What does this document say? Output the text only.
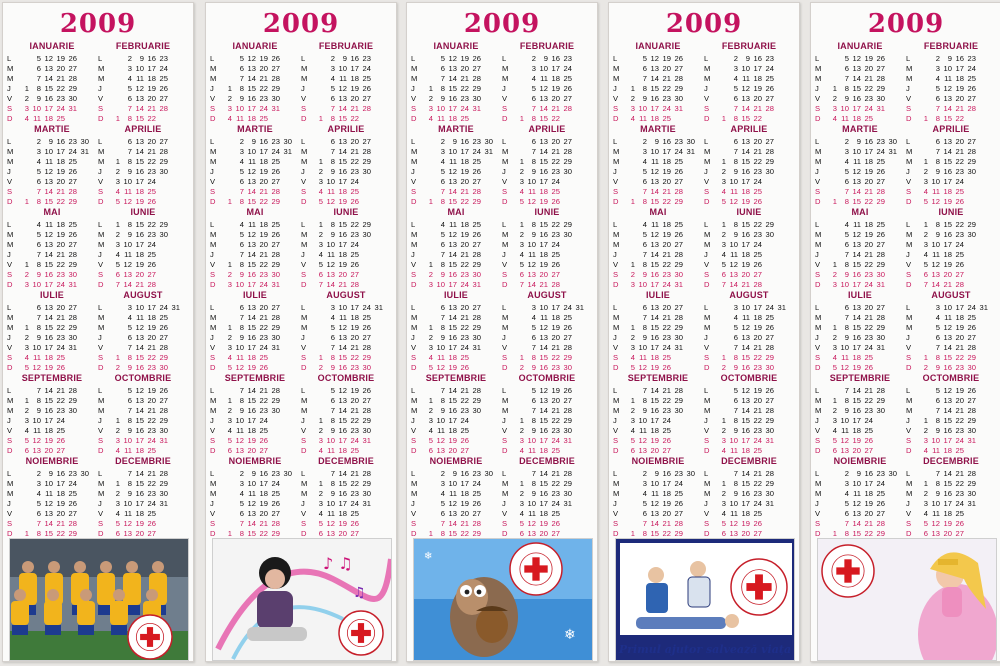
2009
IANUARIE
L	5 12 19 26
M	6 13 20 27
M	7 14 21 28
J	1	8 15 22 29
V	2	9 16 23 30
S	3 10 17 24 31
D	4 11 18 25
FEBRUARIE
L	2	9 16 23
M	3 10 17 24
M	4 11 18 25
J	5 12 19 26
V	6 13 20 27
S	7 14 21 28
D	1	8 15 22
MARTIE
L	2	9 16 23 30
M	3 10 17 24 31
M	4 11 18 25
J	5 12 19 26
V	6 13 20 27
S	7 14 21 28
D	1	8 15 22 29
APRILIE
L	6 13 20 27
M	7 14 21 28
M	1	8 15 22 29
J	2	9 16 23 30
V	3 10 17 24
S	4 11 18 25
D	5 12 19 26
MAI
L	4 11 18 25
M	5 12 19 26
M	6 13 20 27
J	7 14 21 28
V	1	8 15 22 29
S	2	9 16 23 30
D	3 10 17 24 31
IUNIE
L	1	8 15 22 29
M	2	9 16 23 30
M	3 10 17 24
J	4 11 18 25
V	5 12 19 26
S	6 13 20 27
D	7 14 21 28
IULIE
L	6 13 20 27
M	7 14 21 28
M	1	8 15 22 29
J	2	9 16 23 30
V	3 10 17 24 31
S	4 11 18 25
D	5 12 19 26
AUGUST
L	3 10 17 24 31
M	4 11 18 25
M	5 12 19 26
J	6 13 20 27
V	7 14 21 28
S	1	8 15 22 29
D	2	9 16 23 30
SEPTEMBRIE
L	7 14 21 28
M	1	8 15 22 29
M	2	9 16 23 30
J	3 10 17 24
V	4 11 18 25
S	5 12 19 26
D	6 13 20 27
OCTOMBRIE
L	5 12 19 26
M	6 13 20 27
M	7 14 21 28
J	1	8 15 22 29
V	2	9 16 23 30
S	3 10 17 24 31
D	4 11 18 25
NOIEMBRIE
L	2	9 16 23 30
M	3 10 17 24
M	4 11 18 25
J	5 12 19 26
V	6 13 20 27
S	7 14 21 28
D	1	8 15 22 29
DECEMBRIE
L	7 14 21 28
M	1	8 15 22 29
M	2	9 16 23 30
J	3 10 17 24 31
V	4 11 18 25
S	5 12 19 26
D	6 13 20 27
2009
IANUARIE
L	5 12 19 26
M	6 13 20 27
M	7 14 21 28
J	1	8 15 22 29
V	2	9 16 23 30
S	3 10 17 24 31
D	4 11 18 25
FEBRUARIE
L	2	9 16 23
M	3 10 17 24
M	4 11 18 25
J	5 12 19 26
V	6 13 20 27
S	7 14 21 28
D	1	8 15 22
MARTIE
L	2	9 16 23 30
M	3 10 17 24 31
M	4 11 18 25
J	5 12 19 26
V	6 13 20 27
S	7 14 21 28
D	1	8 15 22 29
APRILIE
L	6 13 20 27
M	7 14 21 28
M	1	8 15 22 29
J	2	9 16 23 30
V	3 10 17 24
S	4 11 18 25
D	5 12 19 26
MAI
L	4 11 18 25
M	5 12 19 26
M	6 13 20 27
J	7 14 21 28
V	1	8 15 22 29
S	2	9 16 23 30
D	3 10 17 24 31
IUNIE
L	1	8 15 22 29
M	2	9 16 23 30
M	3 10 17 24
J	4 11 18 25
V	5 12 19 26
S	6 13 20 27
D	7 14 21 28
IULIE
L	6 13 20 27
M	7 14 21 28
M	1	8 15 22 29
J	2	9 16 23 30
V	3 10 17 24 31
S	4 11 18 25
D	5 12 19 26
AUGUST
L	3 10 17 24 31
M	4 11 18 25
M	5 12 19 26
J	6 13 20 27
V	7 14 21 28
S	1	8 15 22 29
D	2	9 16 23 30
SEPTEMBRIE
L	7 14 21 28
M	1	8 15 22 29
M	2	9 16 23 30
J	3 10 17 24
V	4 11 18 25
S	5 12 19 26
D	6 13 20 27
OCTOMBRIE
L	5 12 19 26
M	6 13 20 27
M	7 14 21 28
J	1	8 15 22 29
V	2	9 16 23 30
S	3 10 17 24 31
D	4 11 18 25
NOIEMBRIE
L	2	9 16 23 30
M	3 10 17 24
M	4 11 18 25
J	5 12 19 26
V	6 13 20 27
S	7 14 21 28
D	1	8 15 22 29
DECEMBRIE
L	7 14 21 28
M	1	8 15 22 29
M	2	9 16 23 30
J	3 10 17 24 31
V	4 11 18 25
S	5 12 19 26
D	6 13 20 27
♪ ♫
♫
2009
IANUARIE
L	5 12 19 26
M	6 13 20 27
M	7 14 21 28
J	1	8 15 22 29
V	2	9 16 23 30
S	3 10 17 24 31
D	4 11 18 25
FEBRUARIE
L	2	9 16 23
M	3 10 17 24
M	4 11 18 25
J	5 12 19 26
V	6 13 20 27
S	7 14 21 28
D	1	8 15 22
MARTIE
L	2	9 16 23 30
M	3 10 17 24 31
M	4 11 18 25
J	5 12 19 26
V	6 13 20 27
S	7 14 21 28
D	1	8 15 22 29
APRILIE
L	6 13 20 27
M	7 14 21 28
M	1	8 15 22 29
J	2	9 16 23 30
V	3 10 17 24
S	4 11 18 25
D	5 12 19 26
MAI
L	4 11 18 25
M	5 12 19 26
M	6 13 20 27
J	7 14 21 28
V	1	8 15 22 29
S	2	9 16 23 30
D	3 10 17 24 31
IUNIE
L	1	8 15 22 29
M	2	9 16 23 30
M	3 10 17 24
J	4 11 18 25
V	5 12 19 26
S	6 13 20 27
D	7 14 21 28
IULIE
L	6 13 20 27
M	7 14 21 28
M	1	8 15 22 29
J	2	9 16 23 30
V	3 10 17 24 31
S	4 11 18 25
D	5 12 19 26
AUGUST
L	3 10 17 24 31
M	4 11 18 25
M	5 12 19 26
J	6 13 20 27
V	7 14 21 28
S	1	8 15 22 29
D	2	9 16 23 30
SEPTEMBRIE
L	7 14 21 28
M	1	8 15 22 29
M	2	9 16 23 30
J	3 10 17 24
V	4 11 18 25
S	5 12 19 26
D	6 13 20 27
OCTOMBRIE
L	5 12 19 26
M	6 13 20 27
M	7 14 21 28
J	1	8 15 22 29
V	2	9 16 23 30
S	3 10 17 24 31
D	4 11 18 25
NOIEMBRIE
L	2	9 16 23 30
M	3 10 17 24
M	4 11 18 25
J	5 12 19 26
V	6 13 20 27
S	7 14 21 28
D	1	8 15 22 29
DECEMBRIE
L	7 14 21 28
M	1	8 15 22 29
M	2	9 16 23 30
J	3 10 17 24 31
V	4 11 18 25
S	5 12 19 26
D	6 13 20 27
❄
❄
2009
IANUARIE
L	5 12 19 26
M	6 13 20 27
M	7 14 21 28
J	1	8 15 22 29
V	2	9 16 23 30
S	3 10 17 24 31
D	4 11 18 25
FEBRUARIE
L	2	9 16 23
M	3 10 17 24
M	4 11 18 25
J	5 12 19 26
V	6 13 20 27
S	7 14 21 28
D	1	8 15 22
MARTIE
L	2	9 16 23 30
M	3 10 17 24 31
M	4 11 18 25
J	5 12 19 26
V	6 13 20 27
S	7 14 21 28
D	1	8 15 22 29
APRILIE
L	6 13 20 27
M	7 14 21 28
M	1	8 15 22 29
J	2	9 16 23 30
V	3 10 17 24
S	4 11 18 25
D	5 12 19 26
MAI
L	4 11 18 25
M	5 12 19 26
M	6 13 20 27
J	7 14 21 28
V	1	8 15 22 29
S	2	9 16 23 30
D	3 10 17 24 31
IUNIE
L	1	8 15 22 29
M	2	9 16 23 30
M	3 10 17 24
J	4 11 18 25
V	5 12 19 26
S	6 13 20 27
D	7 14 21 28
IULIE
L	6 13 20 27
M	7 14 21 28
M	1	8 15 22 29
J	2	9 16 23 30
V	3 10 17 24 31
S	4 11 18 25
D	5 12 19 26
AUGUST
L	3 10 17 24 31
M	4 11 18 25
M	5 12 19 26
J	6 13 20 27
V	7 14 21 28
S	1	8 15 22 29
D	2	9 16 23 30
SEPTEMBRIE
L	7 14 21 28
M	1	8 15 22 29
M	2	9 16 23 30
J	3 10 17 24
V	4 11 18 25
S	5 12 19 26
D	6 13 20 27
OCTOMBRIE
L	5 12 19 26
M	6 13 20 27
M	7 14 21 28
J	1	8 15 22 29
V	2	9 16 23 30
S	3 10 17 24 31
D	4 11 18 25
NOIEMBRIE
L	2	9 16 23 30
M	3 10 17 24
M	4 11 18 25
J	5 12 19 26
V	6 13 20 27
S	7 14 21 28
D	1	8 15 22 29
DECEMBRIE
L	7 14 21 28
M	1	8 15 22 29
M	2	9 16 23 30
J	3 10 17 24 31
V	4 11 18 25
S	5 12 19 26
D	6 13 20 27
Primul ajutor salvează viața
2009
IANUARIE
L	5 12 19 26
M	6 13 20 27
M	7 14 21 28
J	1	8 15 22 29
V	2	9 16 23 30
S	3 10 17 24 31
D	4 11 18 25
FEBRUARIE
L	2	9 16 23
M	3 10 17 24
M	4 11 18 25
J	5 12 19 26
V	6 13 20 27
S	7 14 21 28
D	1	8 15 22
MARTIE
L	2	9 16 23 30
M	3 10 17 24 31
M	4 11 18 25
J	5 12 19 26
V	6 13 20 27
S	7 14 21 28
D	1	8 15 22 29
APRILIE
L	6 13 20 27
M	7 14 21 28
M	1	8 15 22 29
J	2	9 16 23 30
V	3 10 17 24
S	4 11 18 25
D	5 12 19 26
MAI
L	4 11 18 25
M	5 12 19 26
M	6 13 20 27
J	7 14 21 28
V	1	8 15 22 29
S	2	9 16 23 30
D	3 10 17 24 31
IUNIE
L	1	8 15 22 29
M	2	9 16 23 30
M	3 10 17 24
J	4 11 18 25
V	5 12 19 26
S	6 13 20 27
D	7 14 21 28
IULIE
L	6 13 20 27
M	7 14 21 28
M	1	8 15 22 29
J	2	9 16 23 30
V	3 10 17 24 31
S	4 11 18 25
D	5 12 19 26
AUGUST
L	3 10 17 24 31
M	4 11 18 25
M	5 12 19 26
J	6 13 20 27
V	7 14 21 28
S	1	8 15 22 29
D	2	9 16 23 30
SEPTEMBRIE
L	7 14 21 28
M	1	8 15 22 29
M	2	9 16 23 30
J	3 10 17 24
V	4 11 18 25
S	5 12 19 26
D	6 13 20 27
OCTOMBRIE
L	5 12 19 26
M	6 13 20 27
M	7 14 21 28
J	1	8 15 22 29
V	2	9 16 23 30
S	3 10 17 24 31
D	4 11 18 25
NOIEMBRIE
L	2	9 16 23 30
M	3 10 17 24
M	4 11 18 25
J	5 12 19 26
V	6 13 20 27
S	7 14 21 28
D	1	8 15 22 29
DECEMBRIE
L	7 14 21 28
M	1	8 15 22 29
M	2	9 16 23 30
J	3 10 17 24 31
V	4 11 18 25
S	5 12 19 26
D	6 13 20 27
